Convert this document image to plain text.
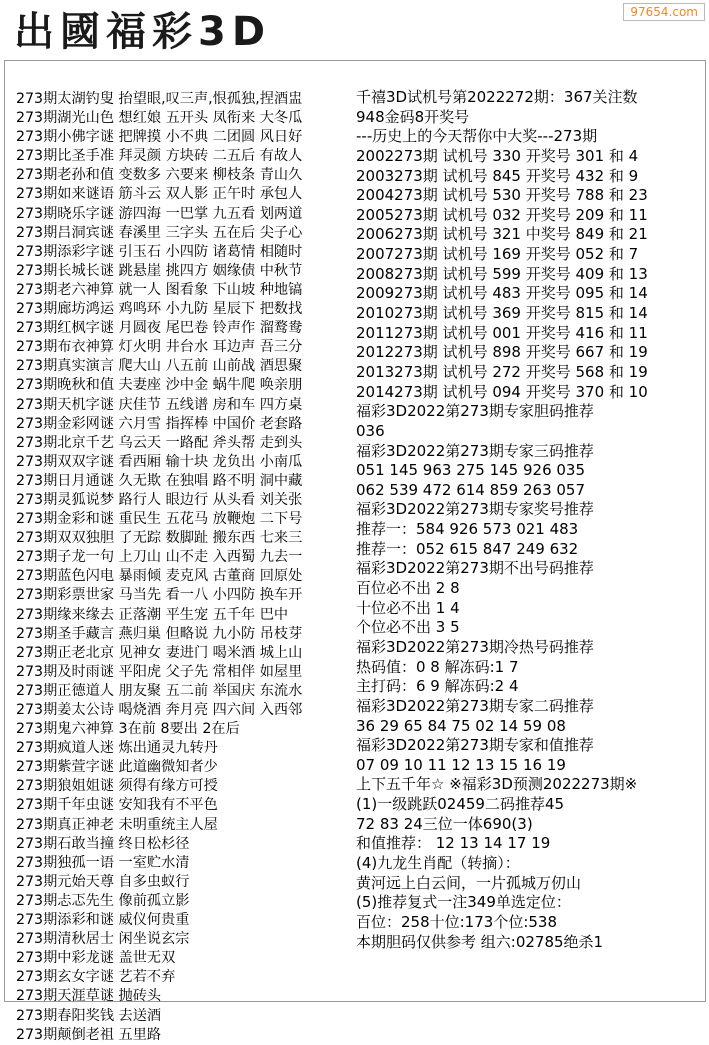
出國福彩3D	97654.com
273期太湖钓叟 抬望眼,叹三声,恨孤独,捏酒盅
273期湖光山色 想红娘 五开头 凤衔来 大冬瓜
273期小佛字谜 把牌摸 小不典 二团圆 风日好
273期比圣手准 拜灵颜 方块砖 二五后 有故人
273期老孙和值 变数多 六要来 柳枝条 青山久
273期如来谜语 筋斗云 双人影 正午时 承包人
273期晓乐字谜 游四海 一巴掌 九五看 划两道
273期吕洞宾谜 春溪里 三字头 五在后 尖子心
273期添彩字谜 引玉石 小四防 诸葛情 相随时
273期长城长谜 跳悬崖 挑四方 姻缘债 中秋节
273期老六神算 就一人 图看象 下山坡 种地镐
273期廊坊鸿运 鸡鸣环 小九防 星辰下 把数找
273期红枫字谜 月圆夜 尾巴卷 铃声作 溜鹜鸯
273期布衣神算 灯火明 井台水 耳边声 吾三分
273期真实演言 爬大山 八五前 山前战 酒思聚
273期晚秋和值 夫妻座 沙中金 蜗牛爬 唤亲朋
273期天机字谜 庆佳节 五线谱 房和车 四方桌
273期金彩网谜 六月雪 指挥棒 中国价 老套路
273期北京千艺 乌云天 一路配 斧头帮 走到头
273期双双字谜 看西厢 输十块 龙负出 小南瓜
273期日月通谜 久无欺 在独唱 路不明 洞中藏
273期灵狐说梦 路行人 眼边行 从头看 刘关张
273期金彩和谜 重民生 五花马 放鞭炮 二下号
273期双双独胆 了无踪 数脚趾 搬东西 七来三
273期子龙一句 上刀山 山不走 入西蜀 九去一
273期蓝色闪电 暴雨倾 麦克风 古董商 回原处
273期彩票世家 马当先 看一八 小四防 换车开
273期缘来缘去 正落潮 平生宠 五千年 巴中
273期圣手藏言 燕归巢 但略说 九小防 吊枝芽
273期正老北京 见神女 妻进门 喝米酒 城上山
273期及时雨谜 平阳虎 父子先 常相伴 如屋里
273期正德道人 朋友聚 五二前 举国庆 东流水
273期姜太公诗 喝烧酒 奔月亮 四六间 入西邻
273期鬼六神算 3在前 8要出 2在后
273期疯道人迷 炼出通灵九转丹
273期紫萱字谜 此道幽微知者少
273期狼姐姐谜 须得有缘方可授
273期千年虫谜 安知我有不平色
273期真正神老 未明重统主人屋
273期石敢当撞 终日松杉径
273期独孤一语 一室贮水清
273期元始天尊 自多虫蚁行
273期忐忑先生 像前孤立影
273期添彩和谜 威仪何贵重
273期清秋居士 闲坐说玄宗
273期中彩龙谜 盖世无双
273期玄女字谜 艺若不弃
273期天涯草谜 抛砖头
273期春阳奖钱 去送酒
273期颠倒老祖 五里路
千禧3D试机号第2022272期：367关注数
948金码8开奖号
---历史上的今天帮你中大奖---273期
2002273期 试机号 330 开奖号 301 和 4
2003273期 试机号 845 开奖号 432 和 9
2004273期 试机号 530 开奖号 788 和 23
2005273期 试机号 032 开奖号 209 和 11
2006273期 试机号 321 中奖号 849 和 21
2007273期 试机号 169 开奖号 052 和 7
2008273期 试机号 599 开奖号 409 和 13
2009273期 试机号 483 开奖号 095 和 14
2010273期 试机号 369 开奖号 815 和 14
2011273期 试机号 001 开奖号 416 和 11
2012273期 试机号 898 开奖号 667 和 19
2013273期 试机号 272 开奖号 568 和 19
2014273期 试机号 094 开奖号 370 和 10
福彩3D2022第273期专家胆码推荐
036
福彩3D2022第273期专家三码推荐
051 145 963 275 145 926 035
062 539 472 614 859 263 057
福彩3D2022第273期专家奖号推荐
推荐一：584 926 573 021 483
推荐一：052 615 847 249 632
福彩3D2022第273期不出号码推荐
百位必不出 2 8
十位必不出 1 4
个位必不出 3 5
福彩3D2022第273期冷热号码推荐
热码值：0 8 解冻码:1 7
主打码：6 9 解冻码:2 4
福彩3D2022第273期专家二码推荐
36 29 65 84 75 02 14 59 08
福彩3D2022第273期专家和值推荐
07 09 10 11 12 13 15 16 19
上下五千年☆ ※福彩3D预测2022273期※
(1)一级跳跃02459二码推荐45
72 83 24三位一体690(3)
和值推荐： 12 13 14 17 19
(4)九龙生肖配（转摘）：
黄河远上白云间，一片孤城万仞山
(5)推荐复式一注349单选定位：
百位：258十位:173个位:538
本期胆码仅供参考 组六:02785绝杀1
